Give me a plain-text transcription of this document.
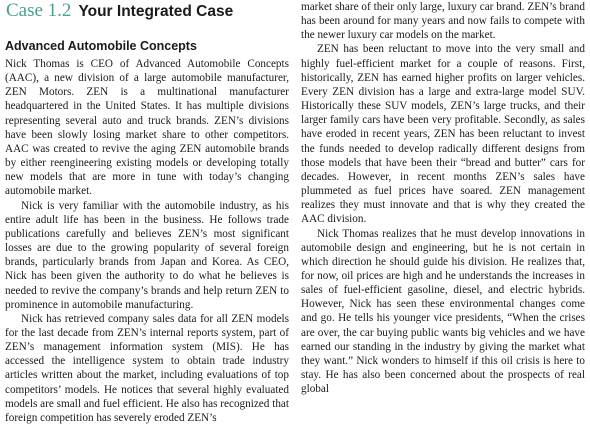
Case 1.2 Your Integrated Case
Advanced Automobile Concepts

Nick Thomas is CEO of Advanced Automobile Concepts (AAC), a new division of a large automobile manufacturer, ZEN Motors. ZEN is a multinational manufacturer headquartered in the United States. It has multiple divisions representing several auto and truck brands. ZEN’s divisions have been slowly losing market share to other competitors. AAC was created to revive the aging ZEN automobile brands by either reengineering existing models or developing totally new models that are more in tune with today’s changing automobile market.

Nick is very familiar with the automobile industry, as his entire adult life has been in the business. He follows trade publications carefully and believes ZEN’s most significant losses are due to the growing popularity of several foreign brands, particularly brands from Japan and Korea. As CEO, Nick has been given the authority to do what he believes is needed to revive the company’s brands and help return ZEN to prominence in automobile manufacturing.

Nick has retrieved company sales data for all ZEN models for the last decade from ZEN’s internal reports system, part of ZEN’s management information system (MIS). He has accessed the intelligence system to obtain trade industry articles written about the market, including evaluations of top competitors’ models. He notices that several highly evaluated models are small and fuel efficient. He also has recognized that foreign competition has severely eroded ZEN’s

market share of their only large, luxury car brand. ZEN’s brand has been around for many years and now fails to compete with the newer luxury car models on the market.

ZEN has been reluctant to move into the very small and highly fuel-efficient market for a couple of reasons. First, historically, ZEN has earned higher profits on larger vehicles. Every ZEN division has a large and extra-large model SUV. Historically these SUV models, ZEN’s large trucks, and their larger family cars have been very profitable. Secondly, as sales have eroded in recent years, ZEN has been reluctant to invest the funds needed to develop radically different designs from those models that have been their “bread and butter” cars for decades. However, in recent months ZEN’s sales have plummeted as fuel prices have soared. ZEN management realizes they must innovate and that is why they created the AAC division.

Nick Thomas realizes that he must develop innovations in automobile design and engineering, but he is not certain in which direction he should guide his division. He realizes that, for now, oil prices are high and he understands the increases in sales of fuel-efficient gasoline, diesel, and electric hybrids. However, Nick has seen these environmental changes come and go. He tells his younger vice presidents, “When the crises are over, the car buying public wants big vehicles and we have earned our standing in the industry by giving the market what they want.” Nick wonders to himself if this oil crisis is here to stay. He has also been concerned about the prospects of real global
